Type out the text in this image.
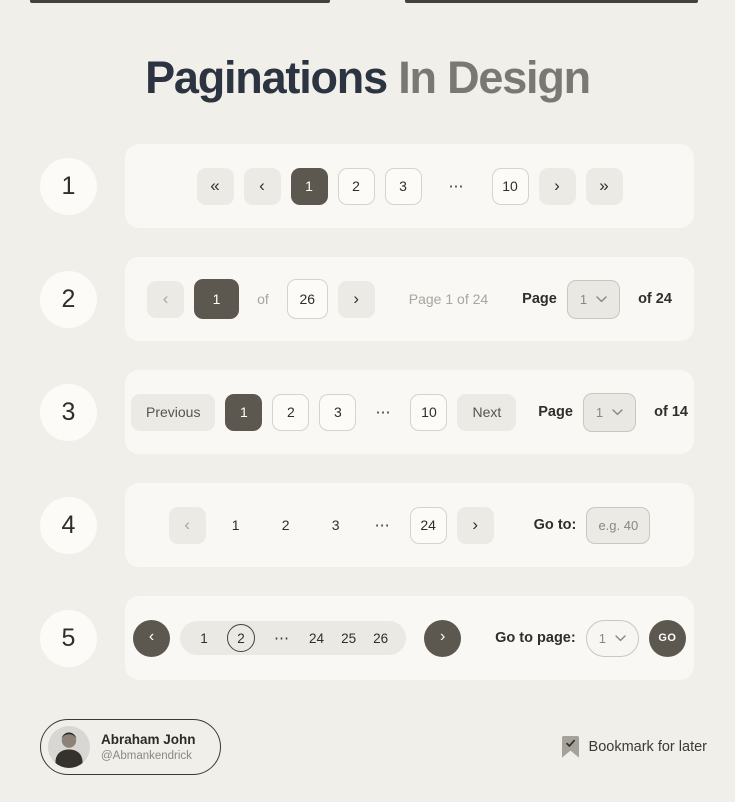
Paginations In Design
1	« ‹	1	2	3	⋯	10	› »
2	‹	1	of	26	›	Page 1 of 24 Page 1	of 24
3	Previous	1	2	3	⋯	10	Next	Page 1	of 14
4	‹	1	2	3	⋯	24	›	Go to:
e.g. 40
5	‹	1	2	⋯ 24 25 26	›	Go to page: 1	GO
Abraham John
@Abmankendrick
Bookmark for later
